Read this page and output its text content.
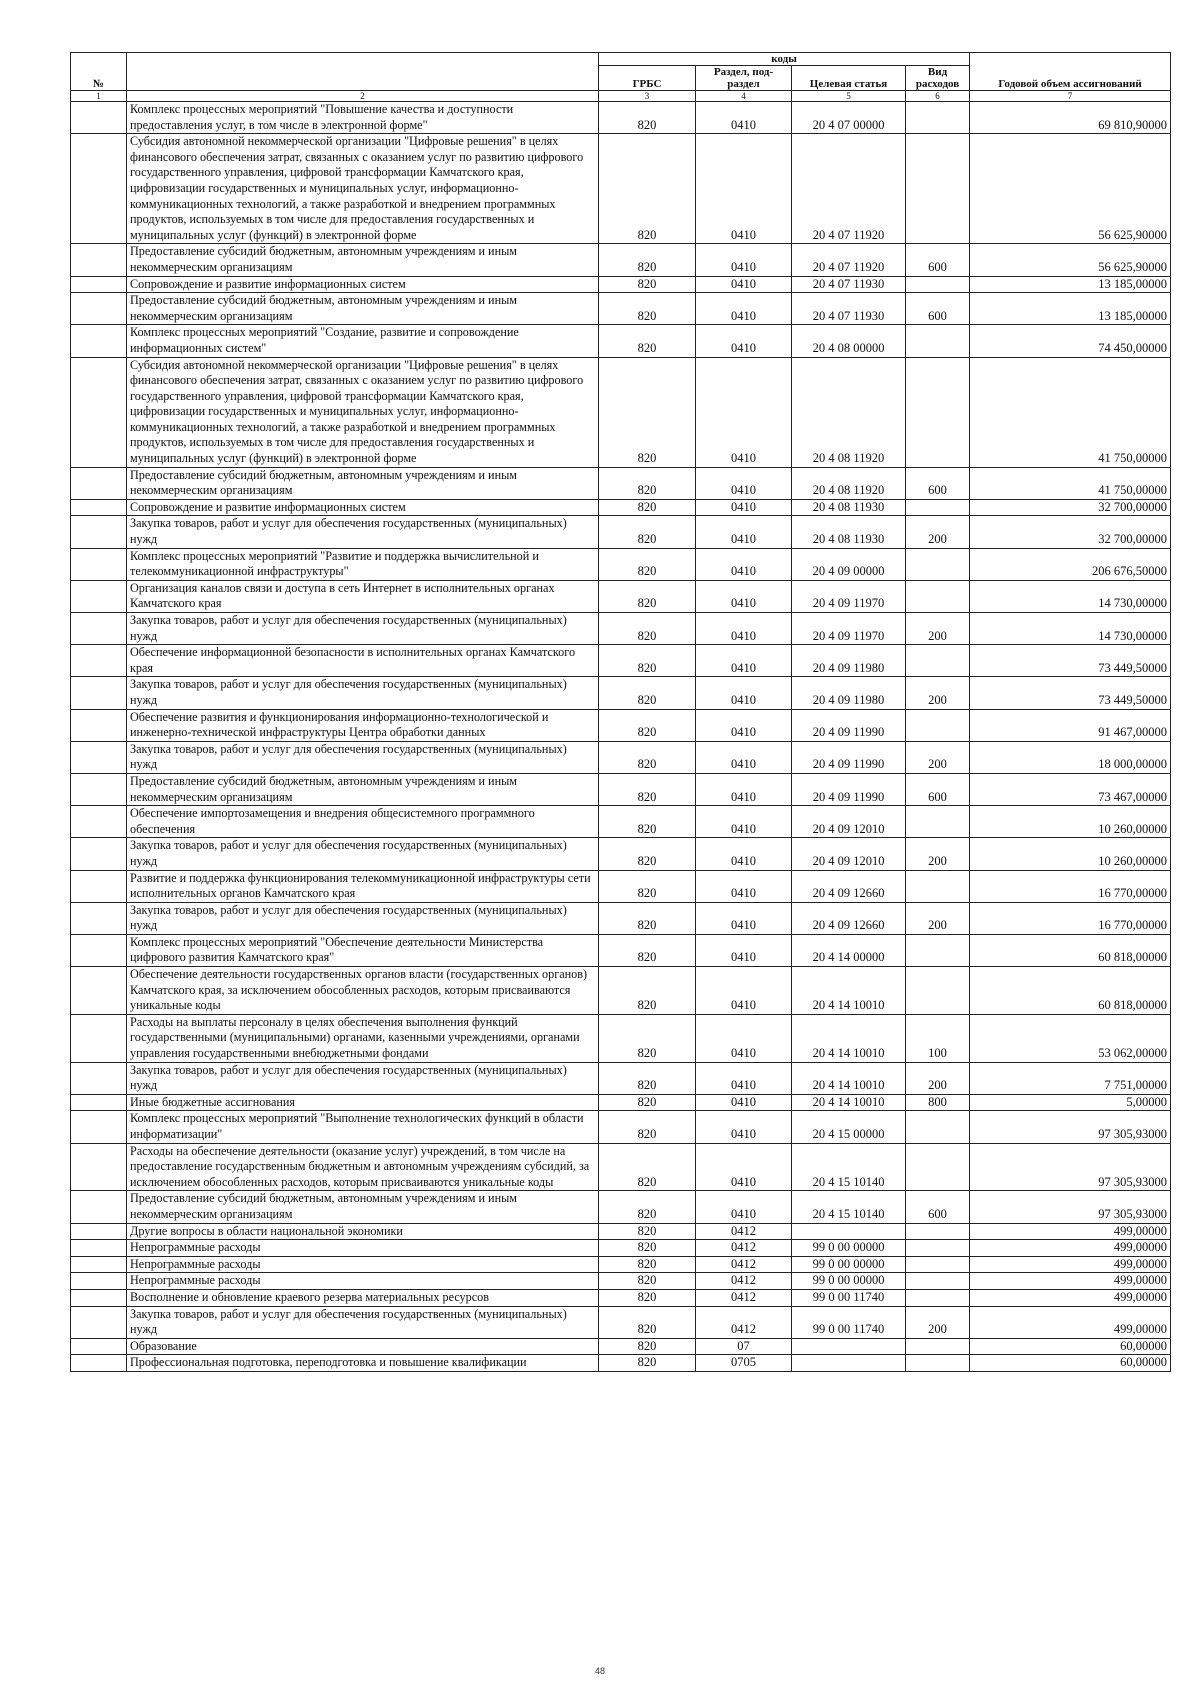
№		коды				Годовой объем ассигнований
		ГРБС	Раздел, под-раздел	Целевая статья	Вид расходов	
1	2	3	4	5	6	7
	Комплекс процессных мероприятий "Повышение качества и доступности предоставления услуг, в том числе в электронной форме"	820	0410	20 4 07 00000		69 810,90000
	Субсидия автономной некоммерческой организации "Цифровые решения" в целях финансового обеспечения затрат, связанных с оказанием услуг по развитию цифрового государственного управления, цифровой трансформации Камчатского края, цифровизации государственных и муниципальных услуг, информационно-коммуникационных технологий, а также разработкой и внедрением программных продуктов, используемых в том числе для предоставления государственных и муниципальных услуг (функций) в электронной форме	820	0410	20 4 07 11920		56 625,90000
	Предоставление субсидий бюджетным, автономным учреждениям и иным некоммерческим организациям	820	0410	20 4 07 11920	600	56 625,90000
	Сопровождение и развитие информационных систем	820	0410	20 4 07 11930		13 185,00000
	Предоставление субсидий бюджетным, автономным учреждениям и иным некоммерческим организациям	820	0410	20 4 07 11930	600	13 185,00000
	Комплекс процессных мероприятий "Создание, развитие и сопровождение информационных систем"	820	0410	20 4 08 00000		74 450,00000
	Субсидия автономной некоммерческой организации "Цифровые решения" в целях финансового обеспечения затрат, связанных с оказанием услуг по развитию цифрового государственного управления, цифровой трансформации Камчатского края, цифровизации государственных и муниципальных услуг, информационно-коммуникационных технологий, а также разработкой и внедрением программных продуктов, используемых в том числе для предоставления государственных и муниципальных услуг (функций) в электронной форме	820	0410	20 4 08 11920		41 750,00000
	Предоставление субсидий бюджетным, автономным учреждениям и иным некоммерческим организациям	820	0410	20 4 08 11920	600	41 750,00000
	Сопровождение и развитие информационных систем	820	0410	20 4 08 11930		32 700,00000
	Закупка товаров, работ и услуг для обеспечения государственных (муниципальных) нужд	820	0410	20 4 08 11930	200	32 700,00000
	Комплекс процессных мероприятий "Развитие и поддержка вычислительной и телекоммуникационной инфраструктуры"	820	0410	20 4 09 00000		206 676,50000
	Организация каналов связи и доступа в сеть Интернет в исполнительных органах Камчатского края	820	0410	20 4 09 11970		14 730,00000
	Закупка товаров, работ и услуг для обеспечения государственных (муниципальных) нужд	820	0410	20 4 09 11970	200	14 730,00000
	Обеспечение информационной безопасности в исполнительных органах Камчатского края	820	0410	20 4 09 11980		73 449,50000
	Закупка товаров, работ и услуг для обеспечения государственных (муниципальных) нужд	820	0410	20 4 09 11980	200	73 449,50000
	Обеспечение развития и функционирования информационно-технологической и инженерно-технической инфраструктуры Центра обработки данных	820	0410	20 4 09 11990		91 467,00000
	Закупка товаров, работ и услуг для обеспечения государственных (муниципальных) нужд	820	0410	20 4 09 11990	200	18 000,00000
	Предоставление субсидий бюджетным, автономным учреждениям и иным некоммерческим организациям	820	0410	20 4 09 11990	600	73 467,00000
	Обеспечение импортозамещения и внедрения общесистемного программного обеспечения	820	0410	20 4 09 12010		10 260,00000
	Закупка товаров, работ и услуг для обеспечения государственных (муниципальных) нужд	820	0410	20 4 09 12010	200	10 260,00000
	Развитие и поддержка функционирования телекоммуникационной инфраструктуры сети исполнительных органов Камчатского края	820	0410	20 4 09 12660		16 770,00000
	Закупка товаров, работ и услуг для обеспечения государственных (муниципальных) нужд	820	0410	20 4 09 12660	200	16 770,00000
	Комплекс процессных мероприятий "Обеспечение деятельности Министерства цифрового развития Камчатского края"	820	0410	20 4 14 00000		60 818,00000
	Обеспечение деятельности государственных органов власти (государственных органов) Камчатского края, за исключением обособленных расходов, которым присваиваются уникальные коды	820	0410	20 4 14 10010		60 818,00000
	Расходы на выплаты персоналу в целях обеспечения выполнения функций государственными (муниципальными) органами, казенными учреждениями, органами управления государственными внебюджетными фондами	820	0410	20 4 14 10010	100	53 062,00000
	Закупка товаров, работ и услуг для обеспечения государственных (муниципальных) нужд	820	0410	20 4 14 10010	200	7 751,00000
	Иные бюджетные ассигнования	820	0410	20 4 14 10010	800	5,00000
	Комплекс процессных мероприятий "Выполнение технологических функций в области информатизации"	820	0410	20 4 15 00000		97 305,93000
	Расходы на обеспечение деятельности (оказание услуг) учреждений, в том числе на предоставление государственным бюджетным и автономным учреждениям субсидий, за исключением обособленных расходов, которым присваиваются уникальные коды	820	0410	20 4 15 10140		97 305,93000
	Предоставление субсидий бюджетным, автономным учреждениям и иным некоммерческим организациям	820	0410	20 4 15 10140	600	97 305,93000
	Другие вопросы в области национальной экономики	820	0412			499,00000
	Непрограммные расходы	820	0412	99 0 00 00000		499,00000
	Непрограммные расходы	820	0412	99 0 00 00000		499,00000
	Непрограммные расходы	820	0412	99 0 00 00000		499,00000
	Восполнение и обновление краевого резерва материальных ресурсов	820	0412	99 0 00 11740		499,00000
	Закупка товаров, работ и услуг для обеспечения государственных (муниципальных) нужд	820	0412	99 0 00 11740	200	499,00000
	Образование	820	07			60,00000
	Профессиональная подготовка, переподготовка и повышение квалификации	820	0705			60,00000
48
